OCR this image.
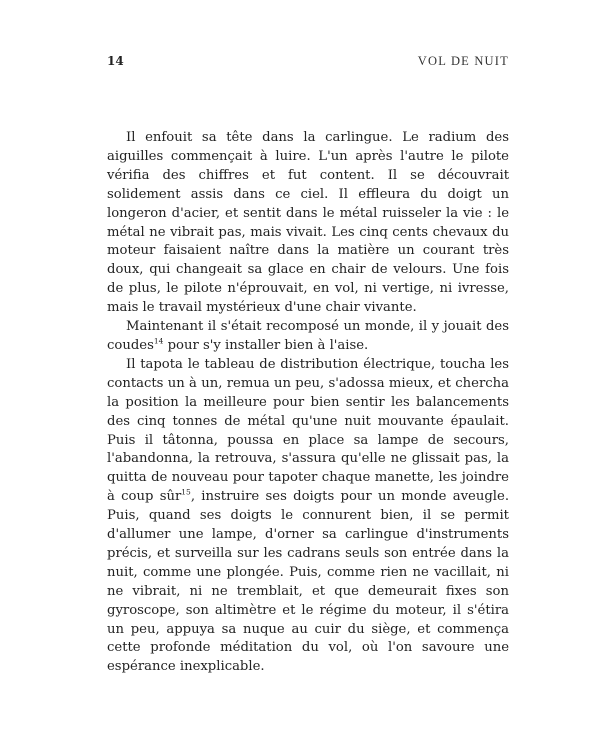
14	VOL DE NUIT

Il enfouit sa tête dans la carlingue. Le radium des aiguilles commençait à luire. L'un après l'autre le pilote vérifia des chiffres et fut content. Il se découvrait solidement assis dans ce ciel. Il effleura du doigt un longeron d'acier, et sentit dans le métal ruisseler la vie : le métal ne vibrait pas, mais vivait. Les cinq cents chevaux du moteur faisaient naître dans la matière un courant très doux, qui changeait sa glace en chair de velours. Une fois de plus, le pilote n'éprouvait, en vol, ni vertige, ni ivresse, mais le travail mystérieux d'une chair vivante.

Maintenant il s'était recomposé un monde, il y jouait des coudes$^{14}$ pour s'y installer bien à l'aise.

Il tapota le tableau de distribution électrique, toucha les contacts un à un, remua un peu, s'adossa mieux, et chercha la position la meilleure pour bien sentir les balancements des cinq tonnes de métal qu'une nuit mouvante épaulait. Puis il tâtonna, poussa en place sa lampe de secours, l'abandonna, la retrouva, s'assura qu'elle ne glissait pas, la quitta de nouveau pour tapoter chaque manette, les joindre à coup sûr$^{15}$, instruire ses doigts pour un monde aveugle. Puis, quand ses doigts le connurent bien, il se permit d'allumer une lampe, d'orner sa carlingue d'instruments précis, et surveilla sur les cadrans seuls son entrée dans la nuit, comme une plongée. Puis, comme rien ne vacillait, ni ne vibrait, ni ne tremblait, et que demeurait fixes son gyroscope, son altimètre et le régime du moteur, il s'étira un peu, appuya sa nuque au cuir du siège, et commença cette profonde méditation du vol, où l'on savoure une espérance inexplicable.
